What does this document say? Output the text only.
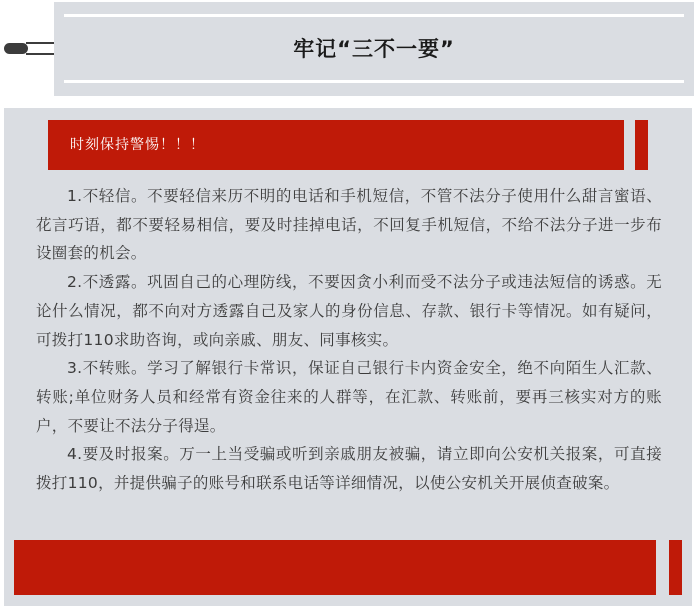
牢记“三不一要”
时刻保持警惕！！！

1.不轻信。不要轻信来历不明的电话和手机短信，不管不法分子使用什么甜言蜜语、花言巧语，都不要轻易相信，要及时挂掉电话，不回复手机短信，不给不法分子进一步布设圈套的机会。

2.不透露。巩固自己的心理防线，不要因贪小利而受不法分子或违法短信的诱惑。无论什么情况，都不向对方透露自己及家人的身份信息、存款、银行卡等情况。如有疑问，可拨打110求助咨询，或向亲戚、朋友、同事核实。

3.不转账。学习了解银行卡常识，保证自己银行卡内资金安全，绝不向陌生人汇款、转账;单位财务人员和经常有资金往来的人群等，在汇款、转账前，要再三核实对方的账户，不要让不法分子得逞。

4.要及时报案。万一上当受骗或听到亲戚朋友被骗，请立即向公安机关报案，可直接拨打110，并提供骗子的账号和联系电话等详细情况，以使公安机关开展侦查破案。
